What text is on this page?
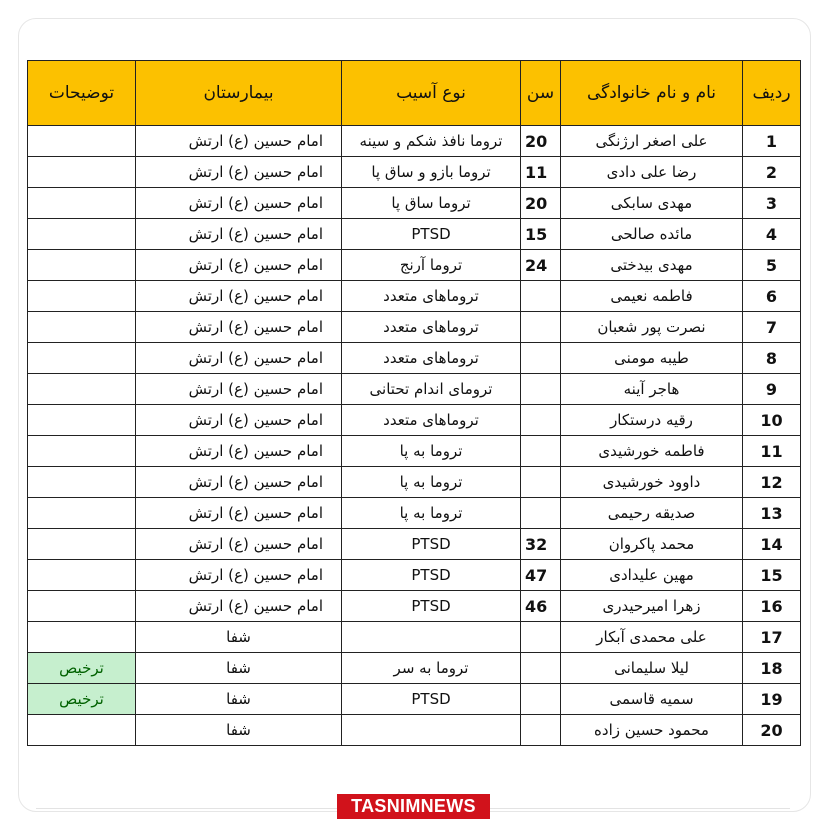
ردیف	نام و نام خانوادگی	سن	نوع آسیب	بیمارستان	توضیحات
1	علی اصغر ارژنگی	20	تروما نافذ شکم و سینه	امام حسین (ع) ارتش	
2	رضا علی دادی	11	تروما بازو و ساق پا	امام حسین (ع) ارتش	
3	مهدی سابکی	20	تروما ساق پا	امام حسین (ع) ارتش	
4	مائده صالحی	15	PTSD	امام حسین (ع) ارتش	
5	مهدی بیدختی	24	تروما آرنج	امام حسین (ع) ارتش	
6	فاطمه نعیمی		تروماهای متعدد	امام حسین (ع) ارتش	
7	نصرت پور شعبان		تروماهای متعدد	امام حسین (ع) ارتش	
8	طیبه مومنی		تروماهای متعدد	امام حسین (ع) ارتش	
9	هاجر آینه		ترومای اندام تحتانی	امام حسین (ع) ارتش	
10	رقیه درستکار		تروماهای متعدد	امام حسین (ع) ارتش	
11	فاطمه خورشیدی		تروما به پا	امام حسین (ع) ارتش	
12	داوود خورشیدی		تروما به پا	امام حسین (ع) ارتش	
13	صدیقه رحیمی		تروما به پا	امام حسین (ع) ارتش	
14	محمد پاکروان	32	PTSD	امام حسین (ع) ارتش	
15	مهین علیدادی	47	PTSD	امام حسین (ع) ارتش	
16	زهرا امیرحیدری	46	PTSD	امام حسین (ع) ارتش	
17	علی محمدی آبکار			شفا	
18	لیلا سلیمانی		تروما به سر	شفا	ترخیص
19	سمیه قاسمی		PTSD	شفا	ترخیص
20	محمود حسین زاده			شفا	
TASNIMNEWS
